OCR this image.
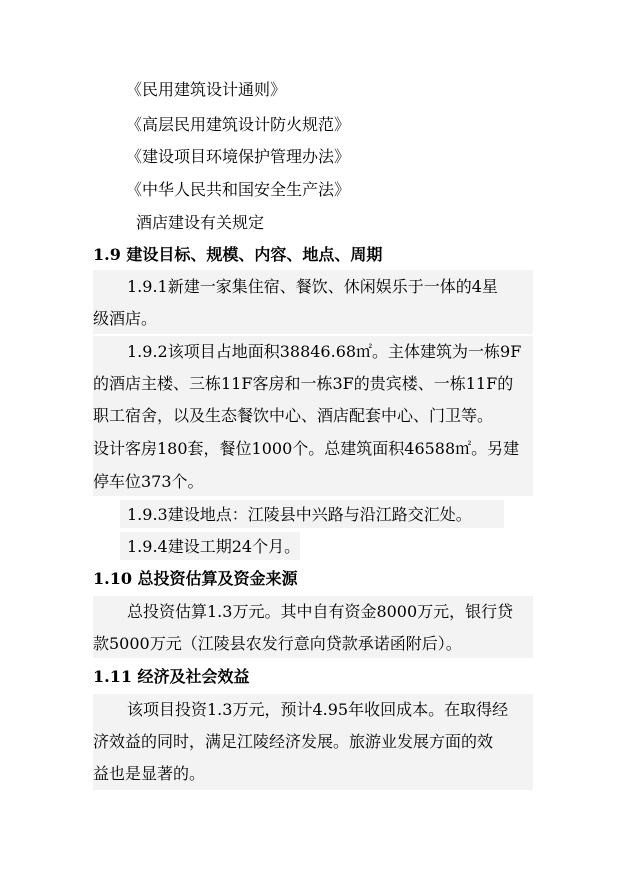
《民用建筑设计通则》
《高层民用建筑设计防火规范》
《建设项目环境保护管理办法》
《中华人民共和国安全生产法》
酒店建设有关规定
1.9 建设目标、规模、内容、地点、周期
1.9.1新建一家集住宿、餐饮、休闲娱乐于一体的4星
级酒店。
1.9.2该项目占地面积38846.68㎡。主体建筑为一栋9F
的酒店主楼、三栋11F客房和一栋3F的贵宾楼、一栋11F的
职工宿舍，以及生态餐饮中心、酒店配套中心、门卫等。
设计客房180套，餐位1000个。总建筑面积46588㎡。另建
停车位373个。
1.9.3建设地点：江陵县中兴路与沿江路交汇处。
1.9.4建设工期24个月。
1.10 总投资估算及资金来源
总投资估算1.3万元。其中自有资金8000万元，银行贷
款5000万元（江陵县农发行意向贷款承诺函附后）。
1.11 经济及社会效益
该项目投资1.3万元，预计4.95年收回成本。在取得经
济效益的同时，满足江陵经济发展。旅游业发展方面的效
益也是显著的。
